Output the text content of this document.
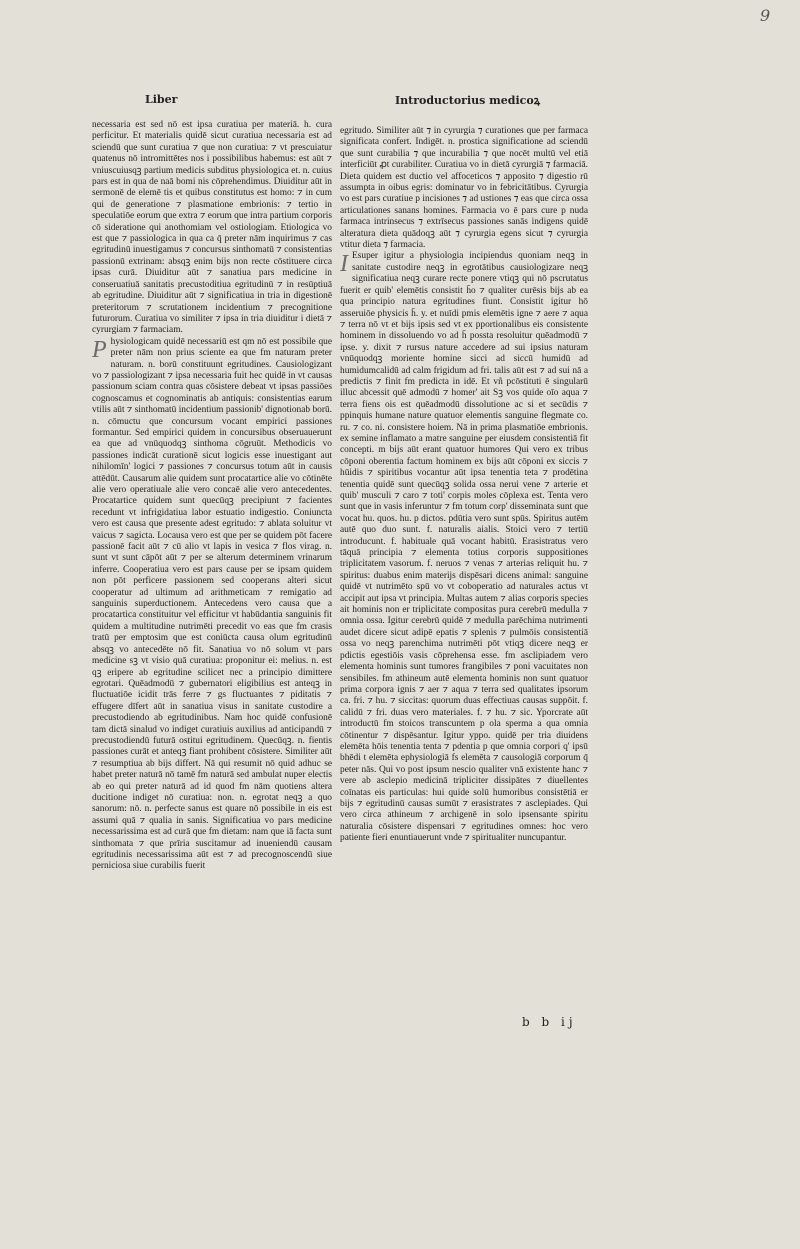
9
Liber	Introductorius medicoꝝ

necessaria est sed nō est ipsa curatiua per materiā. h. cura perficitur. Et materialis quidē sicut curatiua necessaria est ad sciendū que sunt curatiua ⁊ que non curatiua: ⁊ vt prescuiatur quatenus nō intromittētes nos i possibilibus habemus: est aūt ⁊ vniuscuiusqꝫ partium medicis subditus physiologica et. n. cuius pars est in qua de naā bomi nis cōprehendimus. Diuiditur aūt in sermonē de elemē tis et quibus constitutus est homo: ⁊ in cum qui de generatione ⁊ plasmatione embrionis: ⁊ tertio in speculatiōe eorum que extra ⁊ eorum que intra partium corporis cō sideratione qui anothomiam vel ostiologiam. Etiologica vo est que ⁊ passiologica in qua ca q̄ preter nām inquirimus ⁊ cas egritudinū inuestigamus ⁊ concursus sinthomatū ⁊ consistentias passionū extrinam: absqꝫ enim bijs non recte cōstituere circa ipsas curā. Diuiditur aūt ⁊ sanatiua pars medicine in conseruatiuā sanitatis precustoditiua egritudinū ⁊ in resūptiuā ab egritudine. Diuiditur aūt ⁊ significatiua in tria in digestionē preteritorum ⁊ scrutationem incidentium ⁊ precognitione futurorum. Curatiua vo similiter ⁊ ipsa in tria diuiditur i dietā ⁊ cyrurgiam ⁊ farmaciam.

P hysiologicam quidē necessariū est qm nō est possibile que preter nām non prius sciente ea que fm naturam preter naturam. n. borū constituunt egritudines. Causiologizant vo ⁊ passiologizant ⁊ ipsa necessaria fuit hec quidē in vt causas passionum sciam contra quas cōsistere debeat vt ipsas passiōes cognoscamus et cognominatis ab antiquis: consistentias earum vtilis aūt ⁊ sinthomatū incidentium passionib' dignotionab borū. n. cōmuctu que concursum vocant empirici passiones formantur. Sed empirici quidem in concursibus obseruauerunt ea que ad vnūquodqꝫ sinthoma cōgruūt. Methodicis vo passiones indicāt curationē sicut logicis esse inuestigant aut nihilomīn' logici ⁊ passiones ⁊ concursus totum aūt in causis attēdūt. Causarum alie quidem sunt procatartice alie vo cōtinēte alie vero operatiuale alie vero concaē alie vero antecedentes. Procatartice quidem sunt quecūqꝫ precipiunt ⁊ facientes recedunt vt infrigidatiua labor estuatio indigestio. Coniuncta vero est causa que presente adest egritudo: ⁊ ablata soluitur vt vaicus ⁊ sagicta. Locausa vero est que per se quidem pōt facere passionē facit aūt ⁊ cū alio vt lapis in vesica ⁊ flos virag. n. sunt vt sunt cāpōt aūt ⁊ per se alterum determinem vrinarum inferre. Cooperatiua vero est pars cause per se ipsam quidem non pōt perficere passionem sed cooperans alteri sicut cooperatur ad ultimum ad arithmeticam ⁊ remigatio ad sanguinis superductionem. Antecedens vero causa que a procatartica constituitur vel efficitur vt habūdantia sanguinis fit quidem a multitudine nutrimēti precedit vo eas que fm crasis tratū per emptosim que est coniūcta causa olum egritudinū absqꝫ vo antecedēte nō fit. Sanatiua vo nō solum vt pars medicine sꝫ vt visio quā curatiua: proponitur ei: melius. n. est qꝫ eripere ab egritudine scilicet nec a principio dimittere egrotari. Quēadmodū ⁊ gubernatori eligibilius est anteqꝫ in fluctuatiōe icidit trās ferre ⁊ gs fluctuantes ⁊ piditatis ⁊ effugere dīfert aūt in sanatiua visus in sanitate custodire a precustodiendo ab egritudinibus. Nam hoc quidē confusionē tam dictā sinalud vo indiget curatiuis auxilius ad anticipandū ⁊ precustodiendū futurā ostitui egritudinem. Quecūqꝫ. n. fientis passiones curāt et anteqꝫ fiant prohibent cōsistere. Similiter aūt ⁊ resumptiua ab bijs differt. Nā qui resumit nō quid adhuc se habet preter naturā nō tamē fm naturā sed ambulat nuper electis ab eo qui preter naturā ad id quod fm nām quotiens altera ducitione indiget nō curatiua: non. n. egrotat neqꝫ a quo sanorum: nō. n. perfecte sanus est quare nō possibile in eis est assumi quā ⁊ qualia in sanis. Significatiua vo pars medicine necessarissima est ad curā que fm dietam: nam que iā facta sunt sinthomata ⁊ que prīria suscitamur ad inueniendū causam egritudinis necessarissima aūt est ⁊ ad precognoscendū siue perniciosa siue curabilis fuerit

egritudo. Similiter aūt ⁊ in cyrurgia ⁊ curationes que per farmaca significata confert. Indigēt. n. prostica significatione ad sciendū que sunt curabilia ⁊ que incurabilia ⁊ que nocēt multū vel etiā interficiūt ꝓt curabiliter. Curatiua vo in dietā cyrurgiā ⁊ farmaciā. Dieta quidem est ductio vel affoceticos ⁊ apposito ⁊ digestio rū assumpta in oibus egris: dominatur vo in febricitātibus. Cyrurgia vo est pars curatiue p incisiones ⁊ ad ustiones ⁊ eas que circa ossa articulationes sanans homines. Farmacia vo ē pars cure p nuda farmaca intrinsecus ⁊ extrīsecus passiones sanās indigens quidē alteratura dieta quādoqꝫ aūt ⁊ cyrurgia egens sicut ⁊ cyrurgia vtitur dieta ⁊ farmacia.

I Esuper igitur a physiologia incipiendus quoniam neqꝫ in sanitate custodire neqꝫ in egrotātibus causiologizare neqꝫ significatiua neqꝫ curare recte ponere vtiqꝫ qui nō pscrutatus fuerit er quib' elemētis consistit h̄o ⁊ qualiter curēsis bijs ab ea qua principio natura egritudines fiunt. Consistit igitur hō asseruiōe physicis h̄. y. et nuīdi pmis elemētis igne ⁊ aere ⁊ aqua ⁊ terra nō vt et bijs ipsis sed vt ex pportionalibus eis consistente hominem in dissoluendo vo ad h̄ possta resoluitur quēadmodū ⁊ ipse. y. dixit ⁊ rursus nature accedere ad sui ipsius naturam vnūquodqꝫ moriente homine sicci ad siccū humidū ad humidumcalidū ad calm frigidum ad fri. talis aūt est ⁊ ad sui nā a predictis ⁊ finit fm predicta in idē. Et vñ pcōstituti ē singularū illuc abcessit quē admodū ⁊ homer' ait Sꝫ vos quide oīo aqua ⁊ terra fiens ois est quēadmodū dissolutione ac si et secūdis ⁊ ppinquis humane nature quatuor elementis sanguine flegmate co. ru. ⁊ co. ni. consistere hoiem. Nā in prima plasmatiōe embrionis. ex semine inflamato a matre sanguine per eiusdem consistentiā fit concepti. m bijs aūt erant quatuor humores Qui vero ex tribus cōponi oberentia factum hominem ex bijs aūt cōponi ex siccis ⁊ hūidis ⁊ spiritibus vocantur aūt ipsa tenentia teta ⁊ prodētina tenentia quidē sunt quecūqꝫ solida ossa nerui vene ⁊ arterie et quib' musculi ⁊ caro ⁊ toti' corpis moles cōplexa est. Tenta vero sunt que in vasis inferuntur ⁊ fm totum corp' disseminata sunt que vocat hu. quos. hu. p dictos. pdūtia vero sunt spūs. Spiritus autēm autē quo duo sunt. f. naturalis aialis. Stoici vero ⁊ tertiū introducunt. f. habituale quā vocant habitū. Erasistratus vero tāquā principia ⁊ elementa totius corporis suppositiones triplicitatem vasorum. f. neruos ⁊ venas ⁊ arterias reliquit hu. ⁊ spiritus: duabus enim materijs dispēsari dicens animal: sanguine quidē vt nutrimēto spū vo vt coboperatio ad naturales actus vt accipit aut ipsa vt principia. Multas autem ⁊ alias corporis species ait hominis non er triplicitate compositas pura cerebrū medulla ⁊ omnia ossa. Igitur cerebrū quidē ⁊ medulla parēchima nutrimenti audet dicere sicut adipē epatis ⁊ splenis ⁊ pulmōis consistentiā ossa vo neqꝫ parenchima nutrimēti pōt vtiqꝫ dicere neqꝫ er pdictis egestiōis vasis cōprehensa esse. fm asclipiadem vero elementa hominis sunt tumores frangibiles ⁊ poni vacuitates non sensibiles. fm athineum autē elementa hominis non sunt quatuor prima corpora ignis ⁊ aer ⁊ aqua ⁊ terra sed qualitates ipsorum ca. fri. ⁊ hu. ⁊ siccitas: quorum duas effectiuas causas suppōit. f. calidū ⁊ fri. duas vero materiales. f. ⁊ hu. ⁊ sic. Yporcrate aūt introductū fm stoicos transcuntem p ola sperma a qua omnia cōtinentur ⁊ dispēsantur. Igitur yppo. quidē per tria diuidens elemēta hōis tenentia tenta ⁊ pdentia p que omnia corpori q' ipsū bhēdi t elemēta ephysiologiā fs elemēta ⁊ causologiā corporum q̄ peter nās. Qui vo post ipsum nescio qualiter vnā existente hanc ⁊ vere ab asclepio medicinā tripliciter dissipātes ⁊ diuellentes coīnatas eis particulas: hui quide solū humoribus consistētiā er bijs ⁊ egritudinū causas sumūt ⁊ erasistrates ⁊ asclepiades. Qui vero circa athineum ⁊ archigenē in solo ipsensante spiritu naturalia cōsistere dispensari ⁊ egritudines omnes: hoc vero patiente fieri enuntiauerunt vnde ⁊ spiritualiter nuncupantur.

b b ij
